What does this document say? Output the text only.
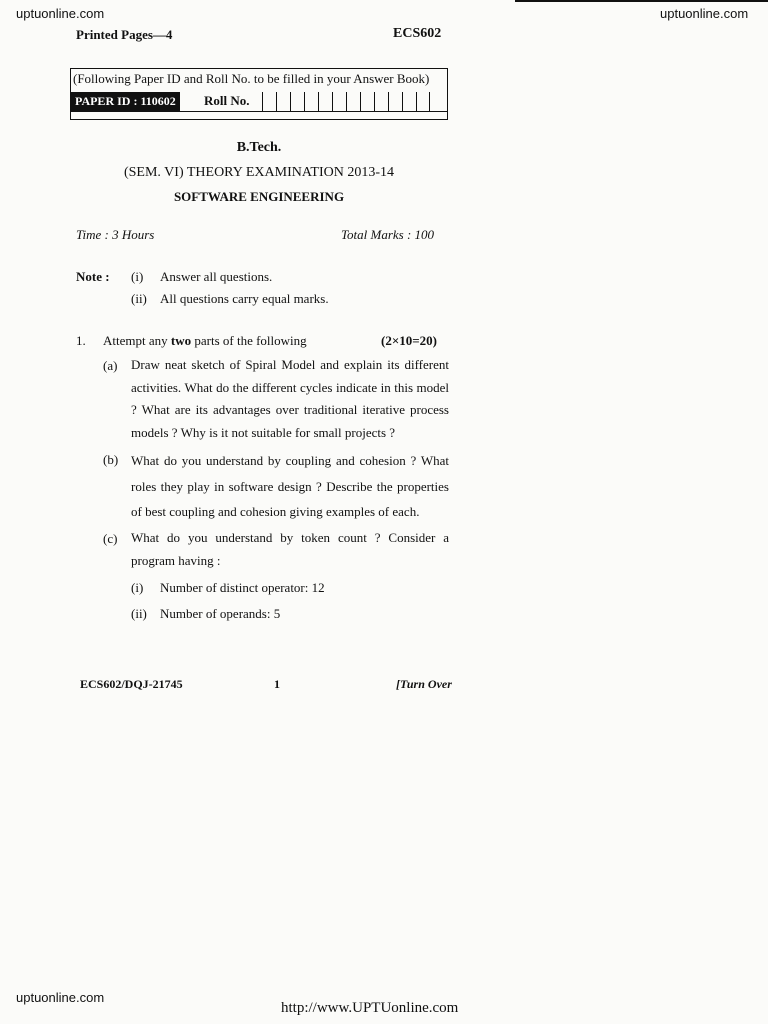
uptuonline.com	uptuonline.com
Printed Pages—4	ECS602
(Following Paper ID and Roll No. to be filled in your Answer Book)
PAPER ID : 110602	Roll No.
B.Tech.
(SEM. VI) THEORY EXAMINATION 2013-14
SOFTWARE ENGINEERING
Time : 3 Hours	Total Marks : 100
Note : (i) Answer all questions.
(ii) All questions carry equal marks.
1. Attempt any two parts of the following	(2×10=20)
(a) Draw neat sketch of Spiral Model and explain its different activities. What do the different cycles indicate in this model ? What are its advantages over traditional iterative process models ? Why is it not suitable for small projects ?
(b) What do you understand by coupling and cohesion ? What roles they play in software design ? Describe the properties of best coupling and cohesion giving examples of each.
(c) What do you understand by token count ? Consider a program having :
(i) Number of distinct operator: 12
(ii) Number of operands: 5
ECS602/DQJ-21745	1	[Turn Over
uptuonline.com
http://www.UPTUonline.com
